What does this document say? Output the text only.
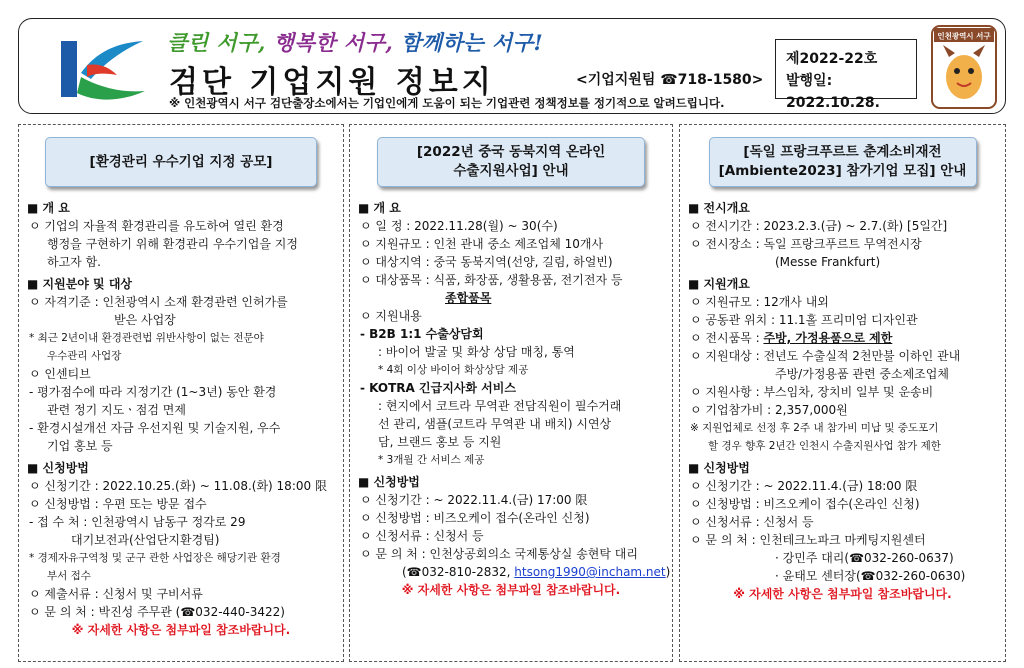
클린 서구, 행복한 서구, 함께하는 서구!
검단 기업지원 정보지	<기업지원팀 ☎718-1580>
※ 인천광역시 서구 검단출장소에서는 기업인에게 도움이 되는 기업관련 정책정보를 정기적으로 알려드립니다.
제2022-22호
발행일: 2022.10.28.
인천광역시 서구
[환경관리 우수기업 지정 공모]
■ 개 요
ㅇ 기업의 자율적 환경관리를 유도하여 열린 환경
행정을 구현하기 위해 환경관리 우수기업을 지정
하고자 함.
■ 지원분야 및 대상
ㅇ 자격기준 : 인천광역시 소재 환경관련 인허가를
받은 사업장
* 최근 2년이내 환경관련법 위반사항이 없는 전문야
우수관리 사업장
ㅇ 인센티브
- 평가점수에 따라 지정기간 (1~3년) 동안 환경
관련 정기 지도ㆍ점검 면제
- 환경시설개선 자금 우선지원 및 기술지원, 우수
기업 홍보 등
■ 신청방법
ㅇ 신청기간 : 2022.10.25.(화) ~ 11.08.(화) 18:00 限
ㅇ 신청방법 : 우편 또는 방문 접수
- 접 수 처 : 인천광역시 남동구 정각로 29
대기보전과(산업단지환경팀)
* 경제자유구역청 및 군구 관한 사업장은 해당기관 환경
부서 접수
ㅇ 제출서류 : 신청서 및 구비서류
ㅇ 문 의 처 : 박진성 주무관 (☎032-440-3422)
※ 자세한 사항은 첨부파일 참조바랍니다.
[2022년 중국 동북지역 온라인
수출지원사업] 안내
■ 개 요
ㅇ 일 정 : 2022.11.28(월) ~ 30(수)
ㅇ 지원규모 : 인천 관내 중소 제조업체 10개사
ㅇ 대상지역 : 중국 동북지역(선양, 길림, 하얼빈)
ㅇ 대상품목 : 식품, 화장품, 생활용품, 전기전자 등
종합품목
ㅇ 지원내용
- B2B 1:1 수출상담회
: 바이어 발굴 및 화상 상담 매칭, 통역
* 4회 이상 바이어 화상상담 제공
- KOTRA 긴급지사화 서비스
: 현지에서 코트라 무역관 전담직원이 필수거래
선 관리, 샘플(코트라 무역관 내 배치) 시연상
담, 브랜드 홍보 등 지원
* 3개월 간 서비스 제공
■ 신청방법
ㅇ 신청기간 : ~ 2022.11.4.(금) 17:00 限
ㅇ 신청방법 : 비즈오케이 접수(온라인 신청)
ㅇ 신청서류 : 신청서 등
ㅇ 문 의 처 : 인천상공회의소 국제통상실 송현탁 대리
(☎032-810-2832, htsong1990@incham.net)
※ 자세한 사항은 첨부파일 참조바랍니다.
[독일 프랑크푸르트 춘계소비재전
[Ambiente2023] 참가기업 모집] 안내
■ 전시개요
ㅇ 전시기간 : 2023.2.3.(금) ~ 2.7.(화) [5일간]
ㅇ 전시장소 : 독일 프랑크푸르트 무역전시장
(Messe Frankfurt)
■ 지원개요
ㅇ 지원규모 : 12개사 내외
ㅇ 공동관 위치 : 11.1홀 프리미엄 디자인관
ㅇ 전시품목 : 주방, 가정용품으로 제한
ㅇ 지원대상 : 전년도 수출실적 2천만불 이하인 관내
주방/가정용품 관련 중소제조업체
ㅇ 지원사항 : 부스임차, 장치비 일부 및 운송비
ㅇ 기업참가비 : 2,357,000원
※ 지원업체로 선정 후 2주 내 참가비 미납 및 중도포기
할 경우 향후 2년간 인천시 수출지원사업 참가 제한
■ 신청방법
ㅇ 신청기간 : ~ 2022.11.4.(금) 18:00 限
ㅇ 신청방법 : 비즈오케이 접수(온라인 신청)
ㅇ 신청서류 : 신청서 등
ㅇ 문 의 처 : 인천테크노파크 마케팅지원센터
· 강민주 대리(☎032-260-0637)
· 윤태모 센터장(☎032-260-0630)
※ 자세한 사항은 첨부파일 참조바랍니다.
